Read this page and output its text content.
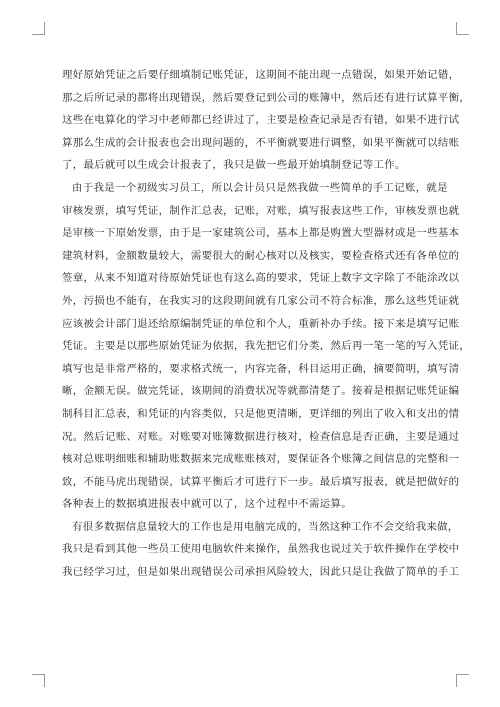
理好原始凭证之后要仔细填制记账凭证，这期间不能出现一点错误，如果开始记错，
那之后所记录的都将出现错误，然后要登记到公司的账簿中，然后还有进行试算平衡，
这些在电算化的学习中老师都已经讲过了，主要是检查记录是否有错，如果不进行试
算那么生成的会计报表也会出现问题的，不平衡就要进行调整，如果平衡就可以结账
了，最后就可以生成会计报表了，我只是做一些最开始填制登记等工作。
由于我是一个初级实习员工，所以会计员只是然我做一些简单的手工记账，就是
审核发票，填写凭证，制作汇总表，记账，对账，填写报表这些工作，审核发票也就
是审核一下原始发票，由于是一家建筑公司，基本上都是购置大型器材或是一些基本
建筑材料，金额数量较大，需要很大的耐心核对以及核实，要检查格式还有各单位的
签章，从来不知道对待原始凭证也有这么高的要求，凭证上数字文字除了不能涂改以
外，污损也不能有，在我实习的这段期间就有几家公司不符合标准，那么这些凭证就
应该被会计部门退还给原编制凭证的单位和个人，重新补办手续。接下来是填写记账
凭证。主要是以那些原始凭证为依据，我先把它们分类，然后再一笔一笔的写入凭证，
填写也是非常严格的，要求格式统一，内容完备，科目运用正确，摘要简明，填写清
晰，金额无误。做完凭证，该期间的消费状况等就都清楚了。接着是根据记账凭证编
制科目汇总表，和凭证的内容类似，只是他更清晰，更详细的列出了收入和支出的情
况。然后记账、对账。对账要对账簿数据进行核对，检查信息是否正确，主要是通过
核对总账明细账和辅助账数据来完成账账核对，要保证各个账簿之间信息的完整和一
致，不能马虎出现错误，试算平衡后才可进行下一步。最后填写报表，就是把做好的
各种表上的数据填进报表中就可以了，这个过程中不需运算。
有很多数据信息量较大的工作也是用电脑完成的，当然这种工作不会交给我来做，
我只是看到其他一些员工使用电脑软件来操作，虽然我也说过关于软件操作在学校中
我已经学习过，但是如果出现错误公司承担风险较大，因此只是让我做了简单的手工
